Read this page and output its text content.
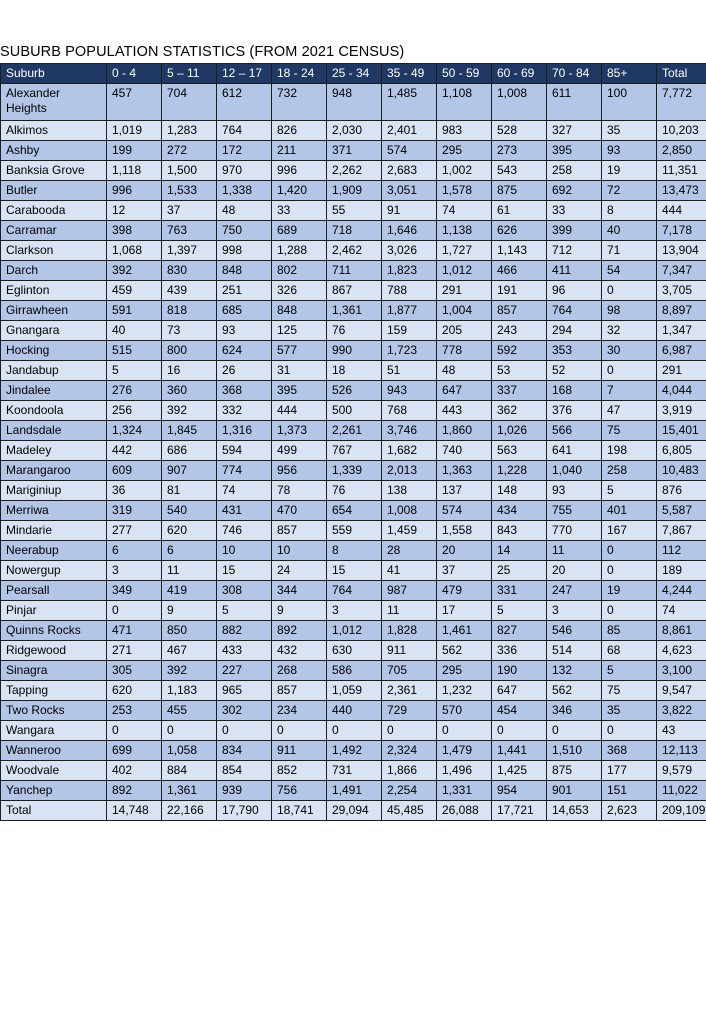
SUBURB POPULATION STATISTICS (FROM 2021 CENSUS)
Suburb	0 - 4	5 – 11	12 – 17	18 - 24	25 - 34	35 - 49	50 - 59	60 - 69	70 - 84	85+	Total
Alexander Heights	457	704	612	732	948	1,485	1,108	1,008	611	100	7,772
Alkimos	1,019	1,283	764	826	2,030	2,401	983	528	327	35	10,203
Ashby	199	272	172	211	371	574	295	273	395	93	2,850
Banksia Grove	1,118	1,500	970	996	2,262	2,683	1,002	543	258	19	11,351
Butler	996	1,533	1,338	1,420	1,909	3,051	1,578	875	692	72	13,473
Carabooda	12	37	48	33	55	91	74	61	33	8	444
Carramar	398	763	750	689	718	1,646	1,138	626	399	40	7,178
Clarkson	1,068	1,397	998	1,288	2,462	3,026	1,727	1,143	712	71	13,904
Darch	392	830	848	802	711	1,823	1,012	466	411	54	7,347
Eglinton	459	439	251	326	867	788	291	191	96	0	3,705
Girrawheen	591	818	685	848	1,361	1,877	1,004	857	764	98	8,897
Gnangara	40	73	93	125	76	159	205	243	294	32	1,347
Hocking	515	800	624	577	990	1,723	778	592	353	30	6,987
Jandabup	5	16	26	31	18	51	48	53	52	0	291
Jindalee	276	360	368	395	526	943	647	337	168	7	4,044
Koondoola	256	392	332	444	500	768	443	362	376	47	3,919
Landsdale	1,324	1,845	1,316	1,373	2,261	3,746	1,860	1,026	566	75	15,401
Madeley	442	686	594	499	767	1,682	740	563	641	198	6,805
Marangaroo	609	907	774	956	1,339	2,013	1,363	1,228	1,040	258	10,483
Mariginiup	36	81	74	78	76	138	137	148	93	5	876
Merriwa	319	540	431	470	654	1,008	574	434	755	401	5,587
Mindarie	277	620	746	857	559	1,459	1,558	843	770	167	7,867
Neerabup	6	6	10	10	8	28	20	14	11	0	112
Nowergup	3	11	15	24	15	41	37	25	20	0	189
Pearsall	349	419	308	344	764	987	479	331	247	19	4,244
Pinjar	0	9	5	9	3	11	17	5	3	0	74
Quinns Rocks	471	850	882	892	1,012	1,828	1,461	827	546	85	8,861
Ridgewood	271	467	433	432	630	911	562	336	514	68	4,623
Sinagra	305	392	227	268	586	705	295	190	132	5	3,100
Tapping	620	1,183	965	857	1,059	2,361	1,232	647	562	75	9,547
Two Rocks	253	455	302	234	440	729	570	454	346	35	3,822
Wangara	0	0	0	0	0	0	0	0	0	0	43
Wanneroo	699	1,058	834	911	1,492	2,324	1,479	1,441	1,510	368	12,113
Woodvale	402	884	854	852	731	1,866	1,496	1,425	875	177	9,579
Yanchep	892	1,361	939	756	1,491	2,254	1,331	954	901	151	11,022
Total	14,748	22,166	17,790	18,741	29,094	45,485	26,088	17,721	14,653	2,623	209,109
